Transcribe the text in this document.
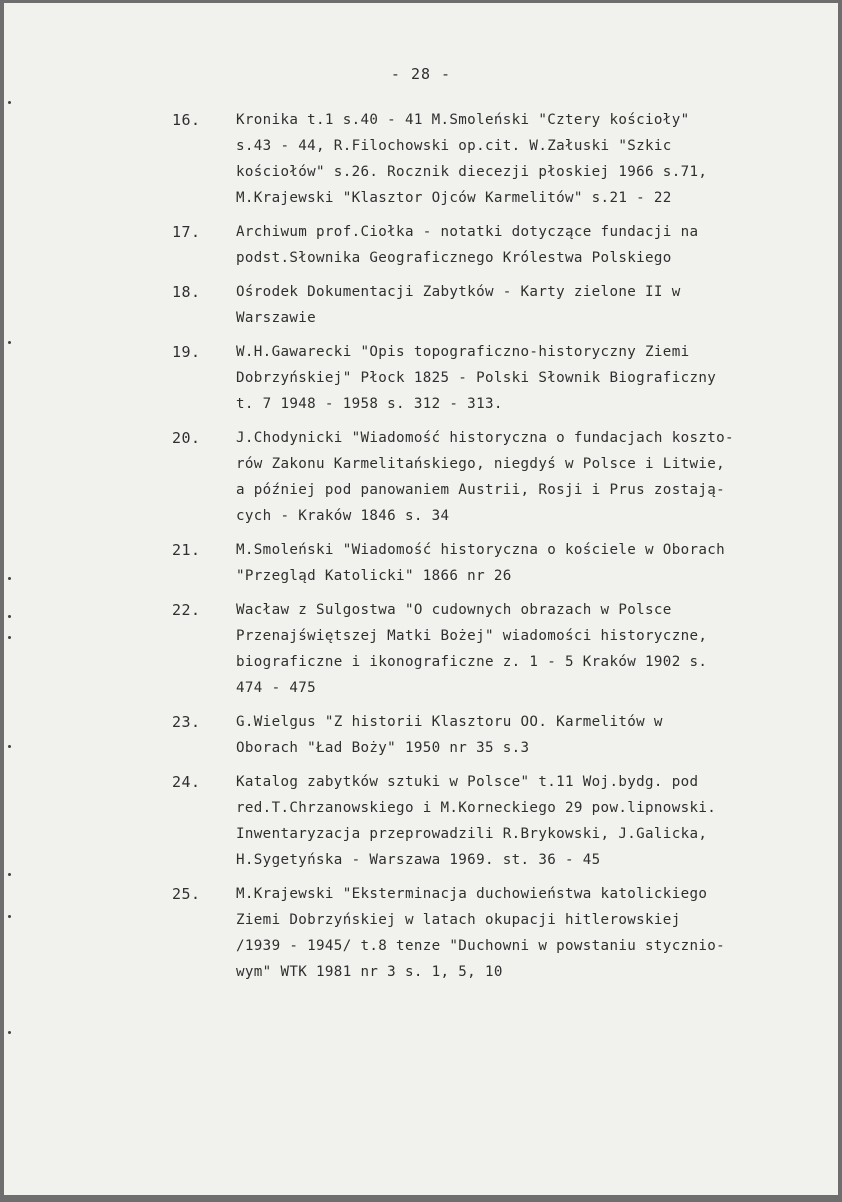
- 28 -
16. Kronika t.1 s.40 - 41 M.Smoleński "Cztery kościoły"
s.43 - 44, R.Filochowski op.cit. W.Załuski "Szkic
kościołów" s.26. Rocznik diecezji płoskiej 1966 s.71,
M.Krajewski "Klasztor Ojców Karmelitów" s.21 - 22
17. Archiwum prof.Ciołka - notatki dotyczące fundacji na
podst.Słownika Geograficznego Królestwa Polskiego
18. Ośrodek Dokumentacji Zabytków - Karty zielone II w
Warszawie
19. W.H.Gawarecki "Opis topograficzno-historyczny Ziemi
Dobrzyńskiej" Płock 1825 - Polski Słownik Biograficzny
t. 7 1948 - 1958 s. 312 - 313.
20. J.Chodynicki "Wiadomość historyczna o fundacjach koszto-
rów Zakonu Karmelitańskiego, niegdyś w Polsce i Litwie,
a później pod panowaniem Austrii, Rosji i Prus zostają-
cych - Kraków 1846 s. 34
21. M.Smoleński "Wiadomość historyczna o kościele w Oborach
"Przegląd Katolicki" 1866 nr 26
22. Wacław z Sulgostwa "O cudownych obrazach w Polsce
Przenajświętszej Matki Bożej" wiadomości historyczne,
biograficzne i ikonograficzne z. 1 - 5 Kraków 1902 s.
474 - 475
23. G.Wielgus "Z historii Klasztoru OO. Karmelitów w
Oborach "Ład Boży" 1950 nr 35 s.3
24. Katalog zabytków sztuki w Polsce" t.11 Woj.bydg. pod
red.T.Chrzanowskiego i M.Korneckiego 29 pow.lipnowski.
Inwentaryzacja przeprowadzili R.Brykowski, J.Galicka,
H.Sygetyńska - Warszawa 1969. st. 36 - 45
25. M.Krajewski "Eksterminacja duchowieństwa katolickiego
Ziemi Dobrzyńskiej w latach okupacji hitlerowskiej
/1939 - 1945/ t.8 tenze "Duchowni w powstaniu stycznio-
wym" WTK 1981 nr 3 s. 1, 5, 10
